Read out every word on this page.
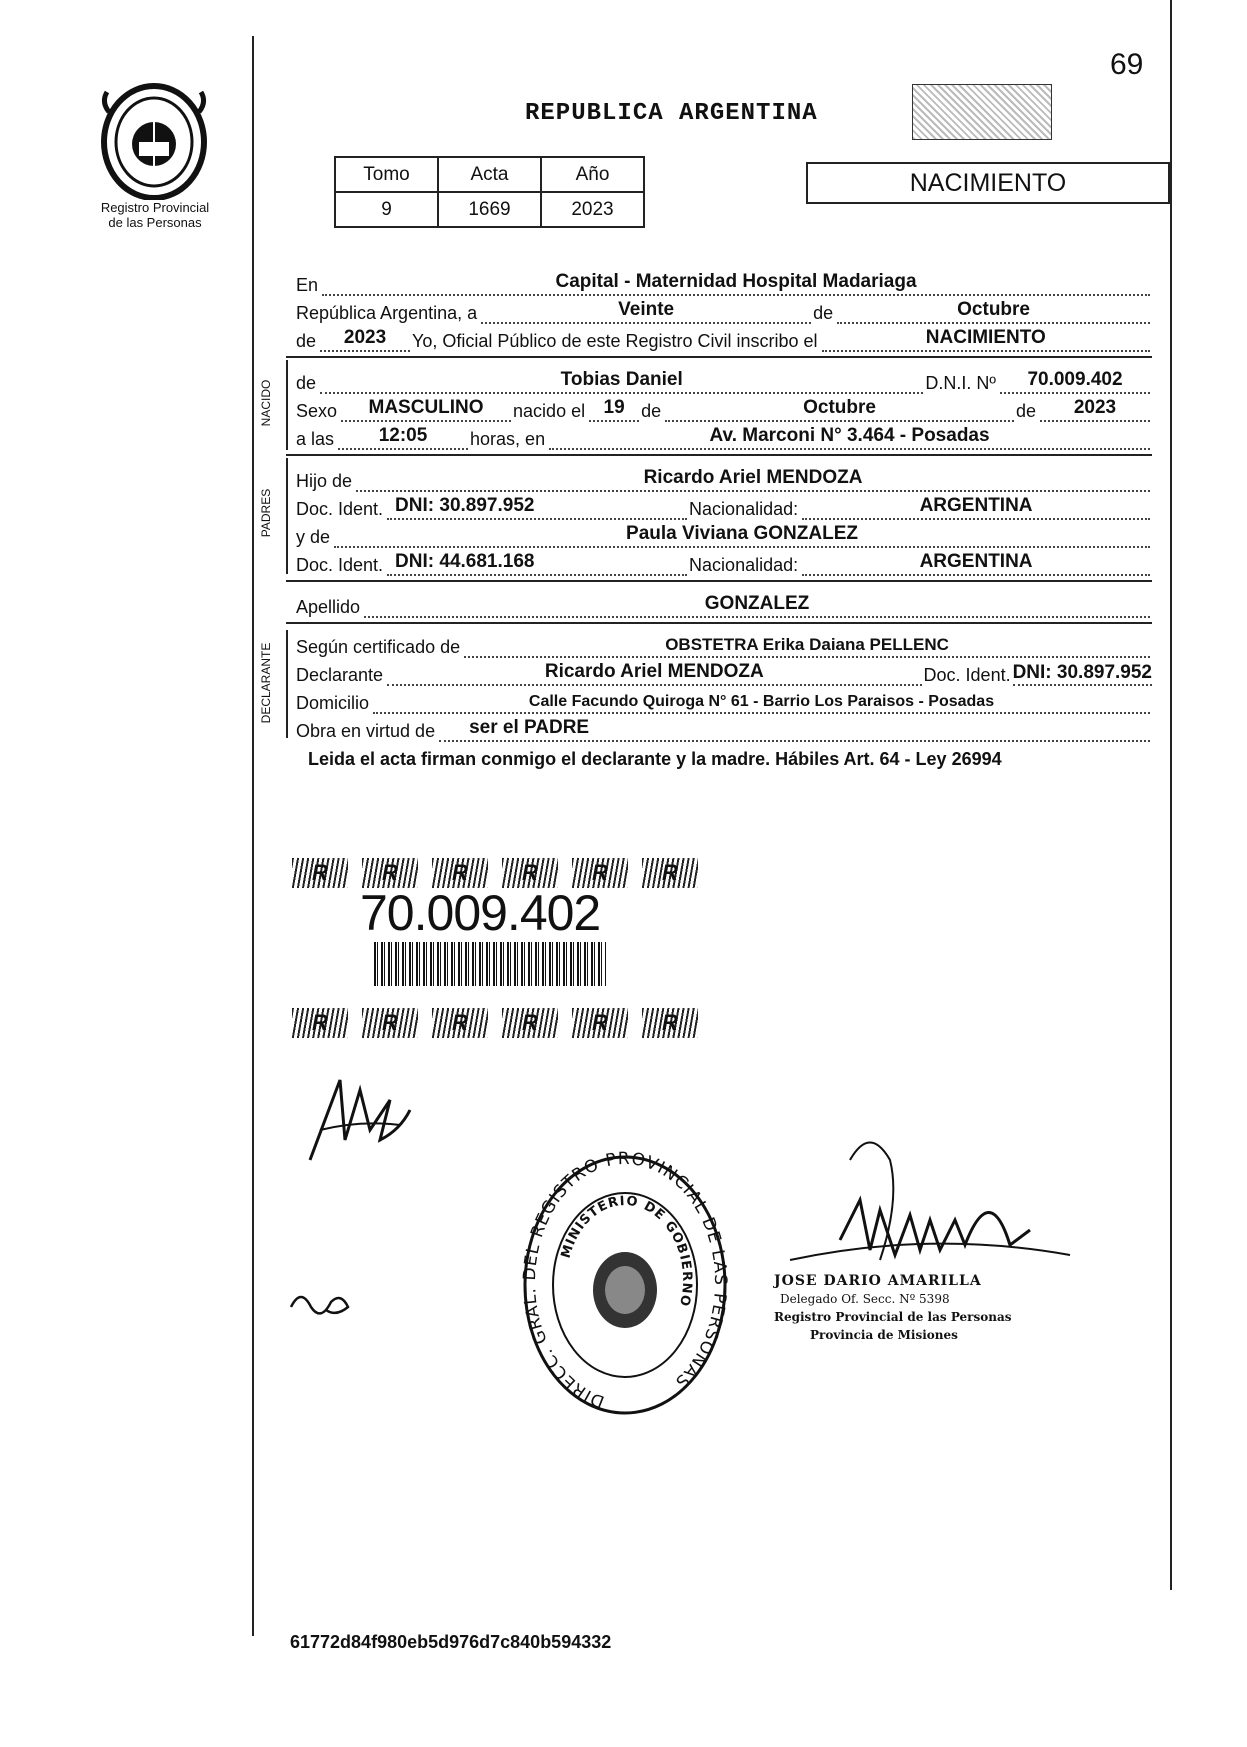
69
Registro Provincial
de las Personas
REPUBLICA ARGENTINA
Tomo	Acta	Año
9	1669	2023
NACIMIENTO
En	Capital - Maternidad Hospital Madariaga
República Argentina, a	Veinte	de	Octubre
de	2023	Yo, Oficial Público de este Registro Civil inscribo el	NACIMIENTO
NACIDO de	Tobias Daniel	D.N.I. Nº	70.009.402
Sexo	MASCULINO	nacido el 19 de	Octubre	de	2023
a las	12:05	horas, en	Av. Marconi N° 3.464 - Posadas
PADRES
Hijo de	Ricardo Ariel MENDOZA
Doc. Ident. DNI: 30.897.952	Nacionalidad:	ARGENTINA
y de	Paula Viviana GONZALEZ
Doc. Ident. DNI: 44.681.168	Nacionalidad:	ARGENTINA
Apellido	GONZALEZ
DECLARANTE Según certificado de	OBSTETRA Erika Daiana PELLENC
Declarante	Ricardo Ariel MENDOZA	Doc. Ident. DNI: 30.897.952
Domicilio	Calle Facundo Quiroga N° 61 - Barrio Los Paraisos - Posadas
Obra en virtud de	ser el PADRE
Leida el acta firman conmigo el declarante y la madre. Hábiles Art. 64 - Ley 26994
R	R	R	R	R	R
70.009.402
R	R	R	R	R	R
DIRECC. GRAL. DEL REGISTRO PROVINCIAL DE LAS PERSONAS
MINISTERIO DE GOBIERNO
JOSE DARIO AMARILLA
Delegado Of. Secc. Nº 5398
Registro Provincial de las Personas
Provincia de Misiones
61772d84f980eb5d976d7c840b594332
